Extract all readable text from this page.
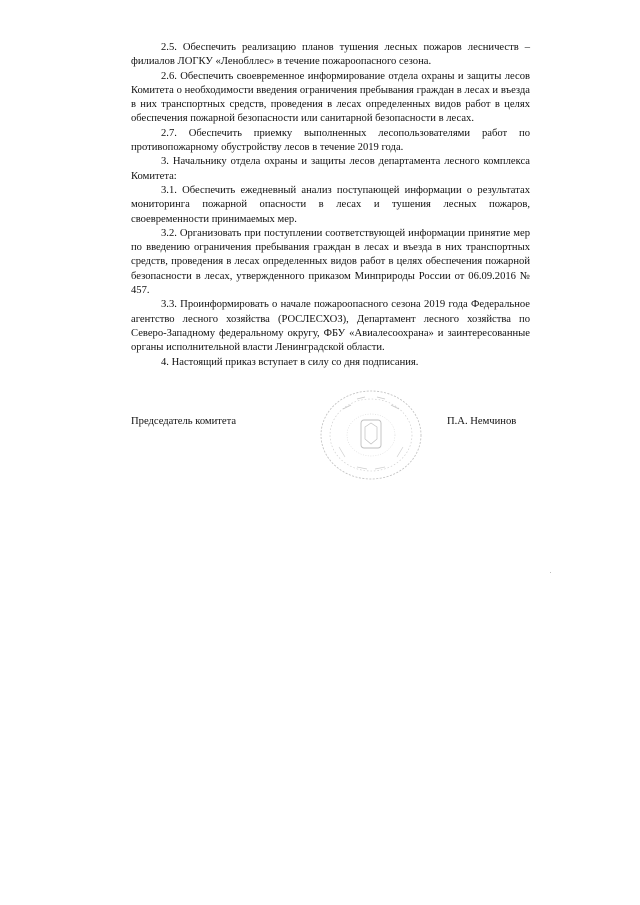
2.5. Обеспечить реализацию планов тушения лесных пожаров лесничеств – филиалов ЛОГКУ «Ленобллес» в течение пожароопасного сезона.

2.6. Обеспечить своевременное информирование отдела охраны и защиты лесов Комитета о необходимости введения ограничения пребывания граждан в лесах и въезда в них транспортных средств, проведения в лесах определенных видов работ в целях обеспечения пожарной безопасности или санитарной безопасности в лесах.

2.7. Обеспечить приемку выполненных лесопользователями работ по противопожарному обустройству лесов в течение 2019 года.

3. Начальнику отдела охраны и защиты лесов департамента лесного комплекса Комитета:

3.1. Обеспечить ежедневный анализ поступающей информации о результатах мониторинга пожарной опасности в лесах и тушения лесных пожаров, своевременности принимаемых мер.

3.2. Организовать при поступлении соответствующей информации принятие мер по введению ограничения пребывания граждан в лесах и въезда в них транспортных средств, проведения в лесах определенных видов работ в целях обеспечения пожарной безопасности в лесах, утвержденного приказом Минприроды России от 06.09.2016 № 457.

3.3. Проинформировать о начале пожароопасного сезона 2019 года Федеральное агентство лесного хозяйства (РОСЛЕСХОЗ), Департамент лесного хозяйства по Северо-Западному федеральному округу, ФБУ «Авиалесоохрана» и заинтересованные органы исполнительной власти Ленинградской области.

4. Настоящий приказ вступает в силу со дня подписания.

Председатель комитета	П.А. Немчинов
